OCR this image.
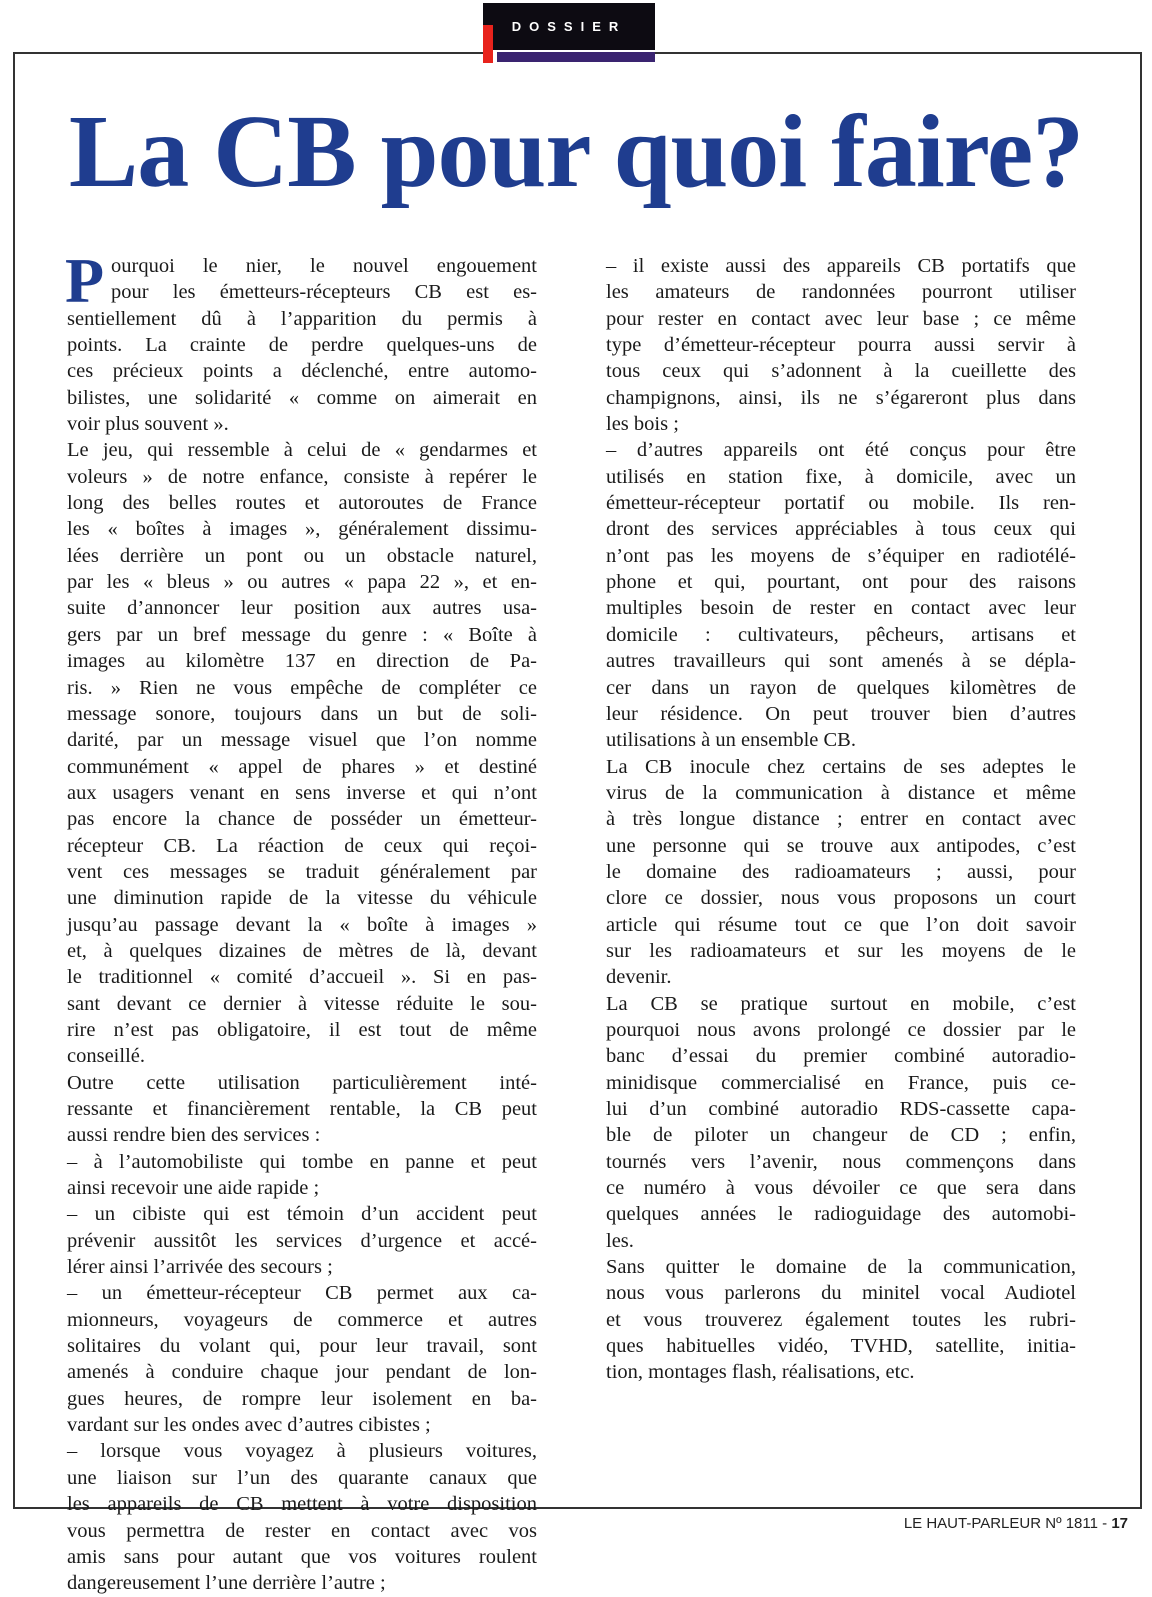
DOSSIER
La CB pour quoi faire?
P ourquoi le nier, le nouvel engouement
pour les émetteurs-récepteurs CB est es-
sentiellement dû à l’apparition du permis à
points. La crainte de perdre quelques-uns de
ces précieux points a déclenché, entre automo-
bilistes, une solidarité « comme on aimerait en
voir plus souvent ».
Le jeu, qui ressemble à celui de « gendarmes et
voleurs » de notre enfance, consiste à repérer le
long des belles routes et autoroutes de France
les « boîtes à images », généralement dissimu-
lées derrière un pont ou un obstacle naturel,
par les « bleus » ou autres « papa 22 », et en-
suite d’annoncer leur position aux autres usa-
gers par un bref message du genre : « Boîte à
images au kilomètre 137 en direction de Pa-
ris. » Rien ne vous empêche de compléter ce
message sonore, toujours dans un but de soli-
darité, par un message visuel que l’on nomme
communément « appel de phares » et destiné
aux usagers venant en sens inverse et qui n’ont
pas encore la chance de posséder un émetteur-
récepteur CB. La réaction de ceux qui reçoi-
vent ces messages se traduit généralement par
une diminution rapide de la vitesse du véhicule
jusqu’au passage devant la « boîte à images »
et, à quelques dizaines de mètres de là, devant
le traditionnel « comité d’accueil ». Si en pas-
sant devant ce dernier à vitesse réduite le sou-
rire n’est pas obligatoire, il est tout de même
conseillé.
Outre cette utilisation particulièrement inté-
ressante et financièrement rentable, la CB peut
aussi rendre bien des services :
– à l’automobiliste qui tombe en panne et peut
ainsi recevoir une aide rapide ;
– un cibiste qui est témoin d’un accident peut
prévenir aussitôt les services d’urgence et accé-
lérer ainsi l’arrivée des secours ;
– un émetteur-récepteur CB permet aux ca-
mionneurs, voyageurs de commerce et autres
solitaires du volant qui, pour leur travail, sont
amenés à conduire chaque jour pendant de lon-
gues heures, de rompre leur isolement en ba-
vardant sur les ondes avec d’autres cibistes ;
– lorsque vous voyagez à plusieurs voitures,
une liaison sur l’un des quarante canaux que
les appareils de CB mettent à votre disposition
vous permettra de rester en contact avec vos
amis sans pour autant que vos voitures roulent
dangereusement l’une derrière l’autre ;
– il existe aussi des appareils CB portatifs que
les amateurs de randonnées pourront utiliser
pour rester en contact avec leur base ; ce même
type d’émetteur-récepteur pourra aussi servir à
tous ceux qui s’adonnent à la cueillette des
champignons, ainsi, ils ne s’égareront plus dans
les bois ;
– d’autres appareils ont été conçus pour être
utilisés en station fixe, à domicile, avec un
émetteur-récepteur portatif ou mobile. Ils ren-
dront des services appréciables à tous ceux qui
n’ont pas les moyens de s’équiper en radiotélé-
phone et qui, pourtant, ont pour des raisons
multiples besoin de rester en contact avec leur
domicile : cultivateurs, pêcheurs, artisans et
autres travailleurs qui sont amenés à se dépla-
cer dans un rayon de quelques kilomètres de
leur résidence. On peut trouver bien d’autres
utilisations à un ensemble CB.
La CB inocule chez certains de ses adeptes le
virus de la communication à distance et même
à très longue distance ; entrer en contact avec
une personne qui se trouve aux antipodes, c’est
le domaine des radioamateurs ; aussi, pour
clore ce dossier, nous vous proposons un court
article qui résume tout ce que l’on doit savoir
sur les radioamateurs et sur les moyens de le
devenir.
La CB se pratique surtout en mobile, c’est
pourquoi nous avons prolongé ce dossier par le
banc d’essai du premier combiné autoradio-
minidisque commercialisé en France, puis ce-
lui d’un combiné autoradio RDS-cassette capa-
ble de piloter un changeur de CD ; enfin,
tournés vers l’avenir, nous commençons dans
ce numéro à vous dévoiler ce que sera dans
quelques années le radioguidage des automobi-
les.
Sans quitter le domaine de la communication,
nous vous parlerons du minitel vocal Audiotel
et vous trouverez également toutes les rubri-
ques habituelles vidéo, TVHD, satellite, initia-
tion, montages flash, réalisations, etc.
LE HAUT-PARLEUR Nº 1811 - 17
